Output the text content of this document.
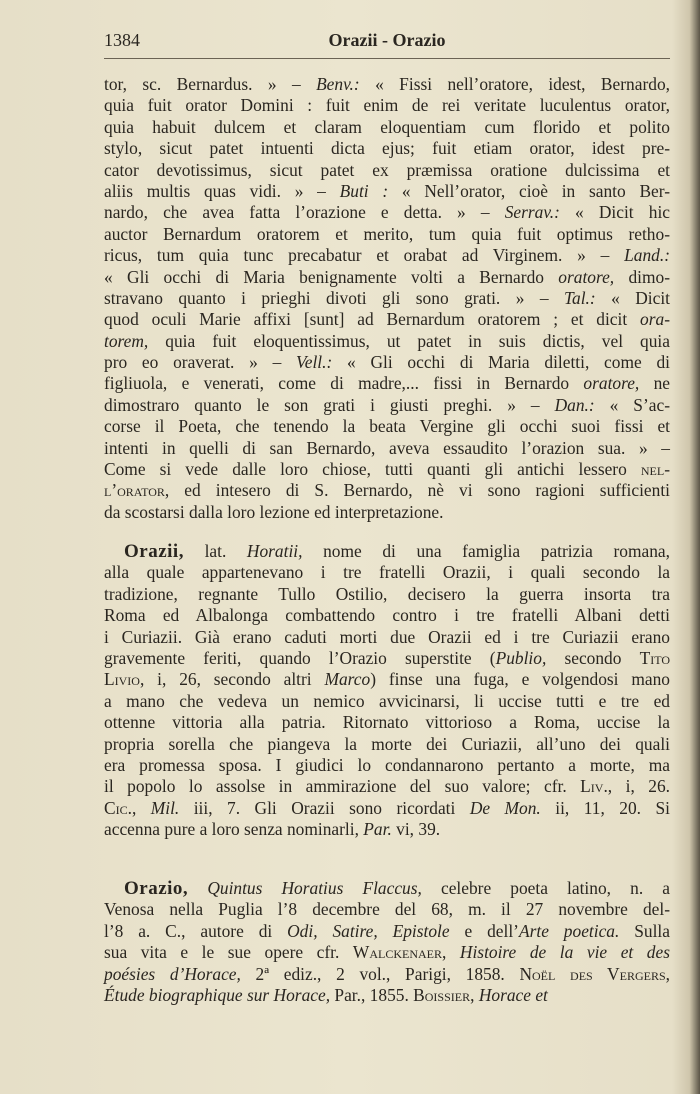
1384	Orazii - Orazio
tor, sc. Bernardus. » – Benv.: « Fissi nell’oratore, idest, Bernardo,
quia fuit orator Domini : fuit enim de rei veritate luculentus orator,
quia habuit dulcem et claram eloquentiam cum florido et polito
stylo, sicut patet intuenti dicta ejus; fuit etiam orator, idest pre-
cator devotissimus, sicut patet ex præmissa oratione dulcissima et
aliis multis quas vidi. » – Buti : « Nell’orator, cioè in santo Ber-
nardo, che avea fatta l’orazione e detta. » – Serrav.: « Dicit hic
auctor Bernardum oratorem et merito, tum quia fuit optimus retho-
ricus, tum quia tunc precabatur et orabat ad Virginem. » – Land.:
« Gli occhi di Maria benignamente volti a Bernardo oratore, dimo-
stravano quanto i prieghi divoti gli sono grati. » – Tal.: « Dicit
quod oculi Marie affixi [sunt] ad Bernardum oratorem ; et dicit ora-
torem, quia fuit eloquentissimus, ut patet in suis dictis, vel quia
pro eo oraverat. » – Vell.: « Gli occhi di Maria diletti, come di
figliuola, e venerati, come di madre,... fissi in Bernardo oratore, ne
dimostraro quanto le son grati i giusti preghi. » – Dan.: « S’ac-
corse il Poeta, che tenendo la beata Vergine gli occhi suoi fissi et
intenti in quelli di san Bernardo, aveva essaudito l’orazion sua. » –
Come si vede dalle loro chiose, tutti quanti gli antichi lessero nel-
l’orator, ed intesero di S. Bernardo, nè vi sono ragioni sufficienti
da scostarsi dalla loro lezione ed interpretazione.
Orazii, lat. Horatii, nome di una famiglia patrizia romana,
alla quale appartenevano i tre fratelli Orazii, i quali secondo la
tradizione, regnante Tullo Ostilio, decisero la guerra insorta tra
Roma ed Albalonga combattendo contro i tre fratelli Albani detti
i Curiazii. Già erano caduti morti due Orazii ed i tre Curiazii erano
gravemente feriti, quando l’Orazio superstite (Publio, secondo Tito
Livio, i, 26, secondo altri Marco) finse una fuga, e volgendosi mano
a mano che vedeva un nemico avvicinarsi, li uccise tutti e tre ed
ottenne vittoria alla patria. Ritornato vittorioso a Roma, uccise la
propria sorella che piangeva la morte dei Curiazii, all’uno dei quali
era promessa sposa. I giudici lo condannarono pertanto a morte, ma
il popolo lo assolse in ammirazione del suo valore; cfr. Liv., i, 26.
Cic., Mil. iii, 7. Gli Orazii sono ricordati De Mon. ii, 11, 20. Si
accenna pure a loro senza nominarli, Par. vi, 39.
Orazio, Quintus Horatius Flaccus, celebre poeta latino, n. a
Venosa nella Puglia l’8 decembre del 68, m. il 27 novembre del-
l’8 a. C., autore di Odi, Satire, Epistole e dell’Arte poetica. Sulla
sua vita e le sue opere cfr. Walckenaer, Histoire de la vie et des
poésies d’Horace, 2ª ediz., 2 vol., Parigi, 1858. Noël des Vergers,
Étude biographique sur Horace, Par., 1855. Boissier, Horace et
